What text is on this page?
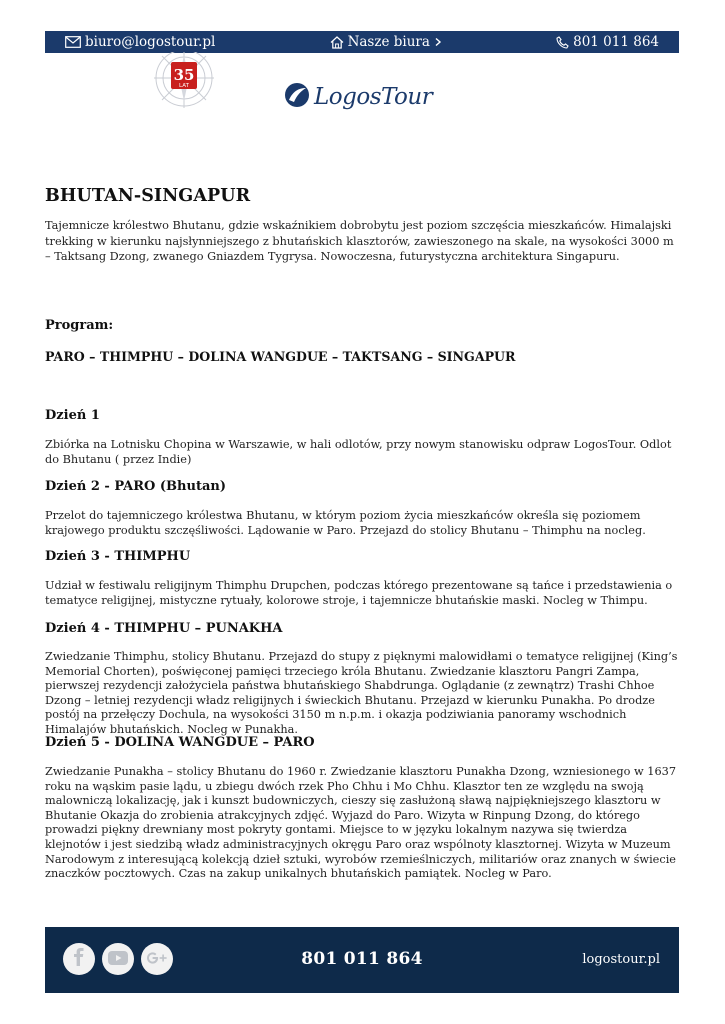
biuro@logostour.pl	Nasze biura	801 011 864
35
LAT	LogosTour
BHUTAN-SINGAPUR

Tajemnicze królestwo Bhutanu, gdzie wskaźnikiem dobrobytu jest poziom szczęścia mieszkańców. Himalajski trekking w kierunku najsłynniejszego z bhutańskich klasztorów, zawieszonego na skale, na wysokości 3000 m – Taktsang Dzong, zwanego Gniazdem Tygrysa. Nowoczesna, futurystyczna architektura Singapuru.

Program:
PARO – THIMPHU – DOLINA WANGDUE – TAKTSANG – SINGAPUR
Dzień 1

Zbiórka na Lotnisku Chopina w Warszawie, w hali odlotów, przy nowym stanowisku odpraw LogosTour. Odlot do Bhutanu ( przez Indie)

Dzień 2 - PARO (Bhutan)

Przelot do tajemniczego królestwa Bhutanu, w którym poziom życia mieszkańców określa się poziomem krajowego produktu szczęśliwości. Lądowanie w Paro. Przejazd do stolicy Bhutanu – Thimphu na nocleg.

Dzień 3 - THIMPHU

Udział w festiwalu religijnym Thimphu Drupchen, podczas którego prezentowane są tańce i przedstawienia o tematyce religijnej, mistyczne rytuały, kolorowe stroje, i tajemnicze bhutańskie maski. Nocleg w Thimpu.

Dzień 4 - THIMPHU – PUNAKHA

Zwiedzanie Thimphu, stolicy Bhutanu. Przejazd do stupy z pięknymi malowidłami o tematyce religijnej (King’s Memorial Chorten), poświęconej pamięci trzeciego króla Bhutanu. Zwiedzanie klasztoru Pangri Zampa, pierwszej rezydencji założyciela państwa bhutańskiego Shabdrunga. Oglądanie (z zewnątrz) Trashi Chhoe Dzong – letniej rezydencji władz religijnych i świeckich Bhutanu. Przejazd w kierunku Punakha. Po drodze postój na przełęczy Dochula, na wysokości 3150 m n.p.m. i okazja podziwiania panoramy wschodnich Himalajów bhutańskich. Nocleg w Punakha.

Dzień 5 - DOLINA WANGDUE – PARO

Zwiedzanie Punakha – stolicy Bhutanu do 1960 r. Zwiedzanie klasztoru Punakha Dzong, wzniesionego w 1637 roku na wąskim pasie lądu, u zbiegu dwóch rzek Pho Chhu i Mo Chhu. Klasztor ten ze względu na swoją malowniczą lokalizację, jak i kunszt budowniczych, cieszy się zasłużoną sławą najpiękniejszego klasztoru w Bhutanie Okazja do zrobienia atrakcyjnych zdjęć. Wyjazd do Paro. Wizyta w Rinpung Dzong, do którego prowadzi piękny drewniany most pokryty gontami. Miejsce to w języku lokalnym nazywa się twierdza klejnotów i jest siedzibą władz administracyjnych okręgu Paro oraz wspólnoty klasztornej. Wizyta w Muzeum Narodowym z interesującą kolekcją dzieł sztuki, wyrobów rzemieślniczych, militariów oraz znanych w świecie znaczków pocztowych. Czas na zakup unikalnych bhutańskich pamiątek. Nocleg w Paro.

801 011 864	logostour.pl
